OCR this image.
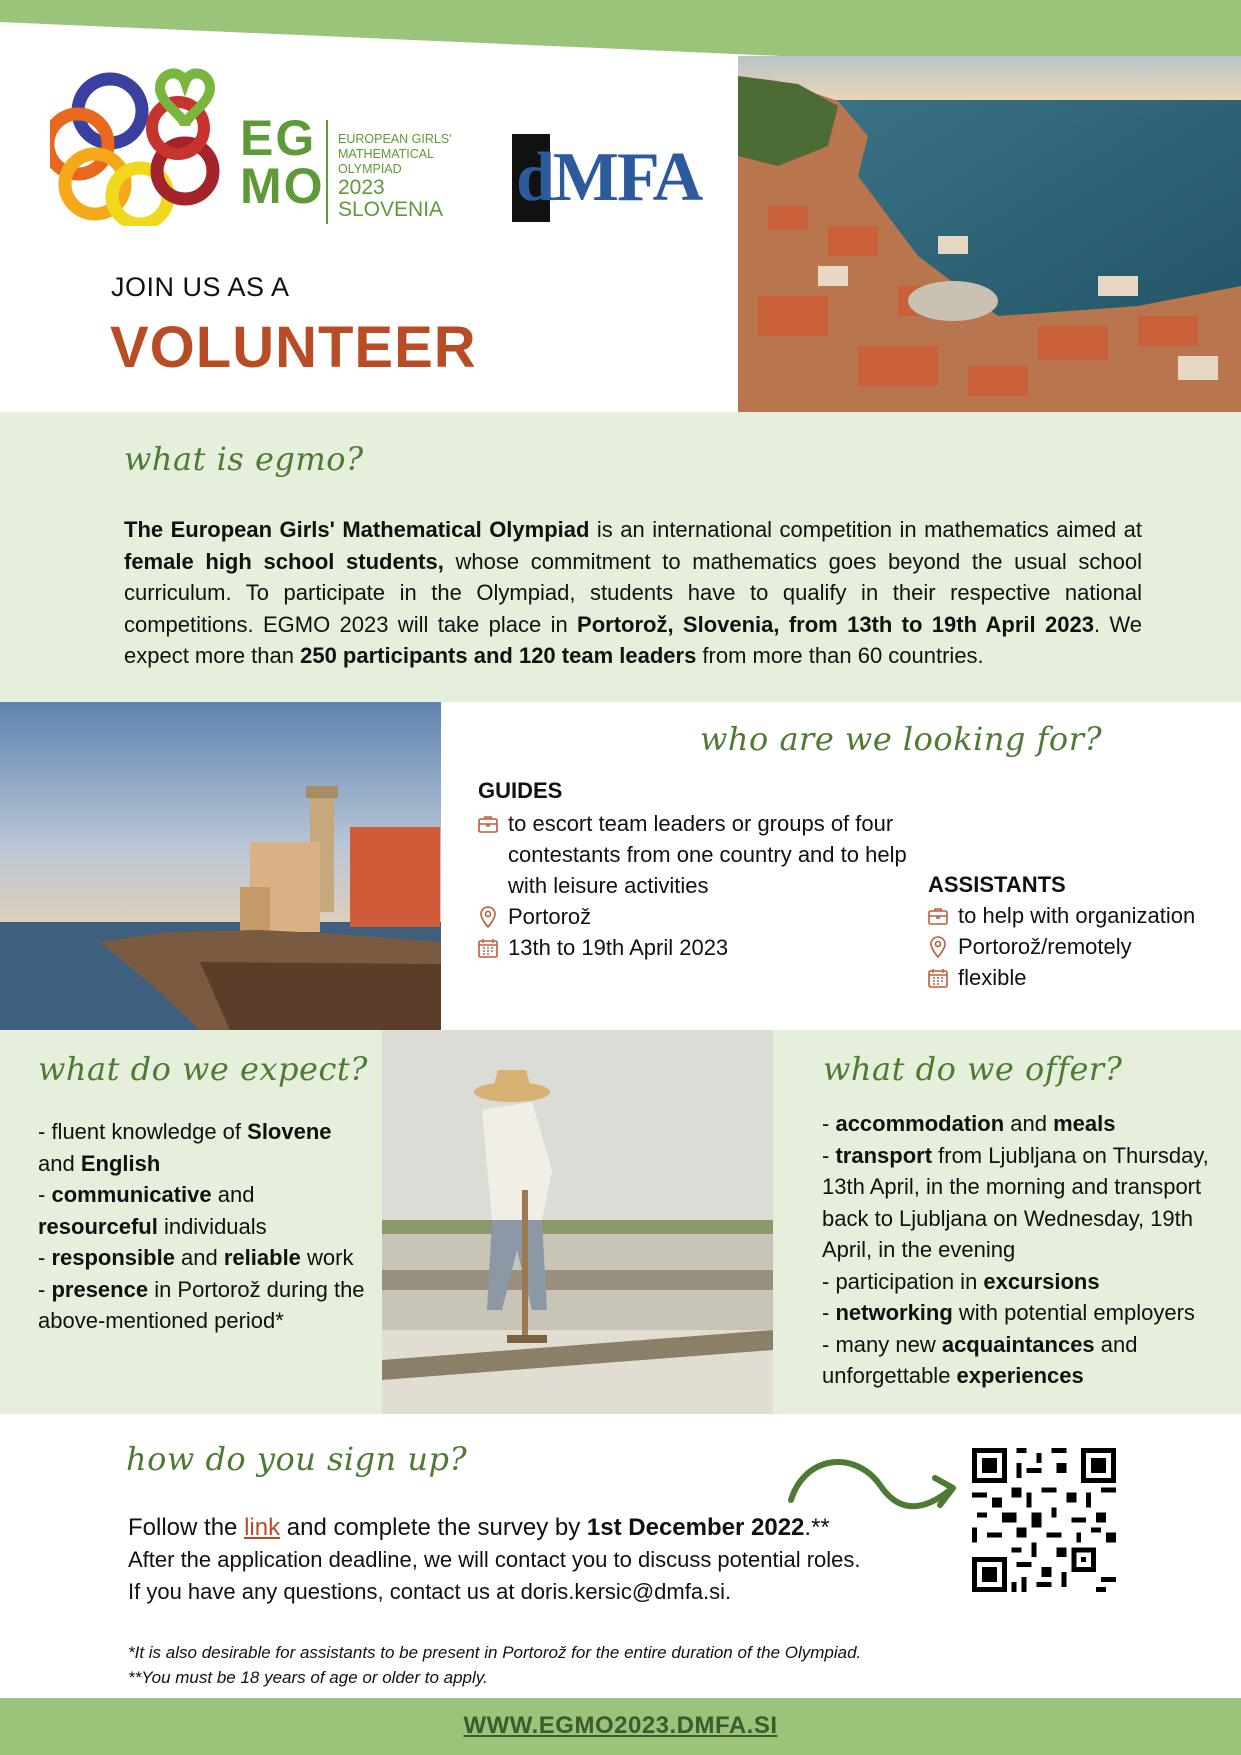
EG
MO
EUROPEAN GIRLS'
MATHEMATICAL
OLYMPIAD
2023
SLOVENIA dMFA
JOIN US AS A
VOLUNTEER
what is egmo?
The European Girls' Mathematical Olympiad is an international competition in mathematics aimed at female high school students, whose commitment to mathematics goes beyond the usual school curriculum. To participate in the Olympiad, students have to qualify in their respective national competitions. EGMO 2023 will take place in Portorož, Slovenia, from 13th to 19th April 2023. We expect more than 250 participants and 120 team leaders from more than 60 countries.
who are we looking for?
GUIDES
to escort team leaders or groups of four contestants from one country and to help with leisure activities
Portorož
13th to 19th April 2023
ASSISTANTS
to help with organization
Portorož/remotely
flexible
what do we expect?
- fluent knowledge of Slovene and English
- communicative and resourceful individuals
- responsible and reliable work
- presence in Portorož during the above-mentioned period*
what do we offer?
- accommodation and meals
- transport from Ljubljana on Thursday, 13th April, in the morning and transport back to Ljubljana on Wednesday, 19th April, in the evening
- participation in excursions
- networking with potential employers
- many new acquaintances and unforgettable experiences
how do you sign up?
Follow the link and complete the survey by 1st December 2022.**
After the application deadline, we will contact you to discuss potential roles.
If you have any questions, contact us at doris.kersic@dmfa.si.
*It is also desirable for assistants to be present in Portorož for the entire duration of the Olympiad.
**You must be 18 years of age or older to apply.
WWW.EGMO2023.DMFA.SI
